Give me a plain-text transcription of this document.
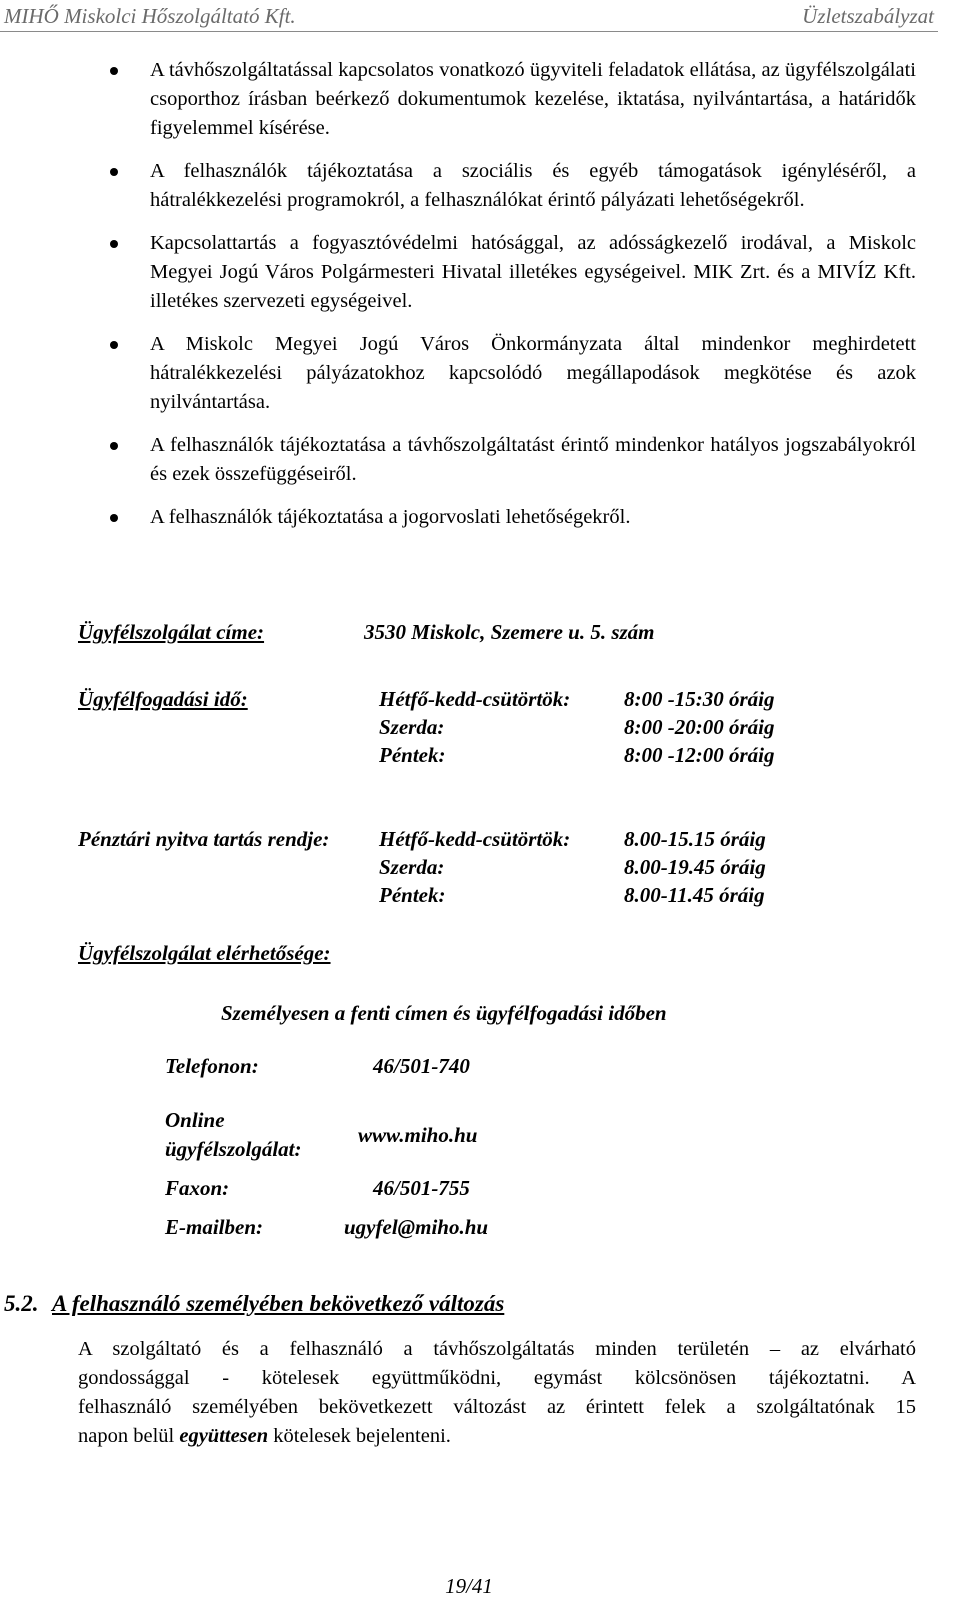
MIHŐ Miskolci Hőszolgáltató Kft.	Üzletszabályzat
A távhőszolgáltatással kapcsolatos vonatkozó ügyviteli feladatok ellátása, az ügyfélszolgálati csoporthoz írásban beérkező dokumentumok kezelése, iktatása, nyilvántartása, a határidők figyelemmel kísérése.
A felhasználók tájékoztatása a szociális és egyéb támogatások igényléséről, a hátralékkezelési programokról, a felhasználókat érintő pályázati lehetőségekről.
Kapcsolattartás a fogyasztóvédelmi hatósággal, az adósságkezelő irodával, a Miskolc Megyei Jogú Város Polgármesteri Hivatal illetékes egységeivel. MIK Zrt. és a MIVÍZ Kft. illetékes szervezeti egységeivel.
A Miskolc Megyei Jogú Város Önkormányzata által mindenkor meghirdetett hátralékkezelési pályázatokhoz kapcsolódó megállapodások megkötése és azok nyilvántartása.
A felhasználók tájékoztatása a távhőszolgáltatást érintő mindenkor hatályos jogszabályokról és ezek összefüggéseiről.
A felhasználók tájékoztatása a jogorvoslati lehetőségekről.
Ügyfélszolgálat címe:	3530 Miskolc, Szemere u. 5. szám
Ügyfélfogadási idő:	Hétfő-kedd-csütörtök:	8:00 -15:30 óráig
Szerda:	8:00 -20:00 óráig
Péntek:	8:00 -12:00 óráig
Pénztári nyitva tartás rendje: Hétfő-kedd-csütörtök:	8.00-15.15 óráig
Szerda:	8.00-19.45 óráig
Péntek:	8.00-11.45 óráig
Ügyfélszolgálat elérhetősége:
Személyesen a fenti címen és ügyfélfogadási időben
Telefonon:	46/501-740
Online
ügyfélszolgálat:
www.miho.hu
Faxon:	46/501-755
E-mailben:	ugyfel@miho.hu
5.2. A felhasználó személyében bekövetkező változás

A szolgáltató és a felhasználó a távhőszolgáltatás minden területén – az elvárható
gondossággal - kötelesek együttműködni, egymást kölcsönösen tájékoztatni. A
felhasználó személyében bekövetkezett változást az érintett felek a szolgáltatónak 15
napon belül együttesen kötelesek bejelenteni.

19/41
